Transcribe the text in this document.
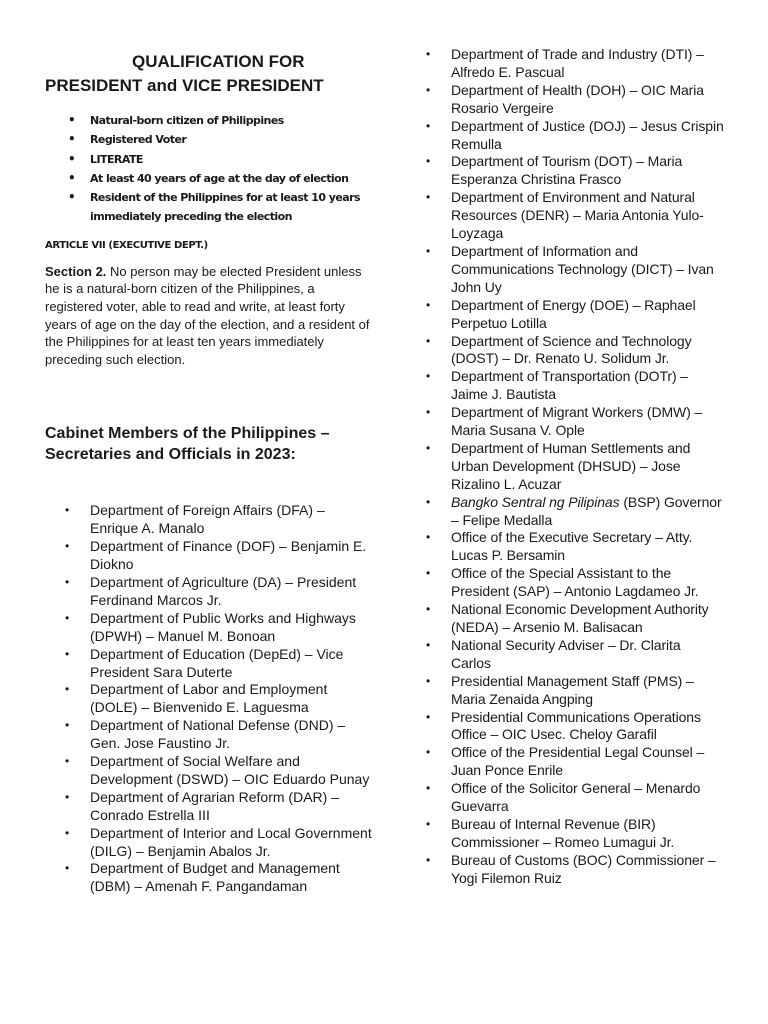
QUALIFICATION FOR
PRESIDENT and VICE PRESIDENT
• Natural-born citizen of Philippines
• Registered Voter
• LITERATE
• At least 40 years of age at the day of election
• Resident of the Philippines for at least 10 years immediately preceding the election

ARTICLE VII (EXECUTIVE DEPT.)

Section 2. No person may be elected President unless he is a natural-born citizen of the Philippines, a registered voter, able to read and write, at least forty years of age on the day of the election, and a resident of the Philippines for at least ten years immediately preceding such election.

Cabinet Members of the Philippines – Secretaries and Officials in 2023:
• Department of Foreign Affairs (DFA) – Enrique A. Manalo
• Department of Finance (DOF) – Benjamin E. Diokno
• Department of Agriculture (DA) – President Ferdinand Marcos Jr.
• Department of Public Works and Highways (DPWH) – Manuel M. Bonoan
• Department of Education (DepEd) – Vice President Sara Duterte
• Department of Labor and Employment (DOLE) – Bienvenido E. Laguesma
• Department of National Defense (DND) – Gen. Jose Faustino Jr.
• Department of Social Welfare and Development (DSWD) – OIC Eduardo Punay
• Department of Agrarian Reform (DAR) – Conrado Estrella III
• Department of Interior and Local Government (DILG) – Benjamin Abalos Jr.
• Department of Budget and Management (DBM) – Amenah F. Pangandaman
• Department of Trade and Industry (DTI) – Alfredo E. Pascual
• Department of Health (DOH) – OIC Maria Rosario Vergeire
• Department of Justice (DOJ) – Jesus Crispin Remulla
• Department of Tourism (DOT) – Maria Esperanza Christina Frasco
• Department of Environment and Natural Resources (DENR) – Maria Antonia Yulo-Loyzaga
• Department of Information and Communications Technology (DICT) – Ivan John Uy
• Department of Energy (DOE) – Raphael Perpetuo Lotilla
• Department of Science and Technology (DOST) – Dr. Renato U. Solidum Jr.
• Department of Transportation (DOTr) – Jaime J. Bautista
• Department of Migrant Workers (DMW) – Maria Susana V. Ople
• Department of Human Settlements and Urban Development (DHSUD) – Jose Rizalino L. Acuzar
• Bangko Sentral ng Pilipinas (BSP) Governor – Felipe Medalla
• Office of the Executive Secretary – Atty. Lucas P. Bersamin
• Office of the Special Assistant to the President (SAP) – Antonio Lagdameo Jr.
• National Economic Development Authority (NEDA) – Arsenio M. Balisacan
• National Security Adviser – Dr. Clarita Carlos
• Presidential Management Staff (PMS) – Maria Zenaida Angping
• Presidential Communications Operations Office – OIC Usec. Cheloy Garafil
• Office of the Presidential Legal Counsel – Juan Ponce Enrile
• Office of the Solicitor General – Menardo Guevarra
• Bureau of Internal Revenue (BIR) Commissioner – Romeo Lumagui Jr.
• Bureau of Customs (BOC) Commissioner – Yogi Filemon Ruiz
